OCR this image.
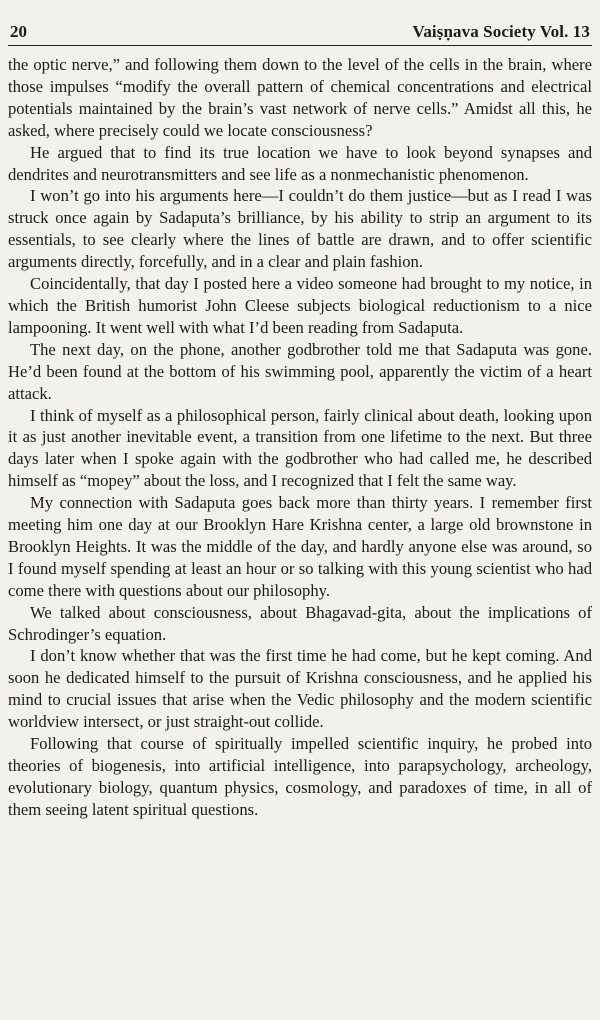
20	Vaiṣṇava Society Vol. 13

the optic nerve,” and following them down to the level of the cells in the brain, where those impulses “modify the overall pattern of chemical concentrations and electrical potentials maintained by the brain’s vast network of nerve cells.” Amidst all this, he asked, where precisely could we locate consciousness?

He argued that to find its true location we have to look beyond synapses and dendrites and neurotransmitters and see life as a nonmechanistic phenomenon.

I won’t go into his arguments here—I couldn’t do them justice—but as I read I was struck once again by Sadaputa’s brilliance, by his ability to strip an argument to its essentials, to see clearly where the lines of battle are drawn, and to offer scientific arguments directly, forcefully, and in a clear and plain fashion.

Coincidentally, that day I posted here a video someone had brought to my notice, in which the British humorist John Cleese subjects biological reductionism to a nice lampooning. It went well with what I’d been reading from Sadaputa.

The next day, on the phone, another godbrother told me that Sadaputa was gone. He’d been found at the bottom of his swimming pool, apparently the victim of a heart attack.

I think of myself as a philosophical person, fairly clinical about death, looking upon it as just another inevitable event, a transition from one lifetime to the next. But three days later when I spoke again with the godbrother who had called me, he described himself as “mopey” about the loss, and I recognized that I felt the same way.

My connection with Sadaputa goes back more than thirty years. I remember first meeting him one day at our Brooklyn Hare Krishna center, a large old brownstone in Brooklyn Heights. It was the middle of the day, and hardly anyone else was around, so I found myself spending at least an hour or so talking with this young scientist who had come there with questions about our philosophy.

We talked about consciousness, about Bhagavad-gita, about the implications of Schrodinger’s equation.

I don’t know whether that was the first time he had come, but he kept coming. And soon he dedicated himself to the pursuit of Krishna consciousness, and he applied his mind to crucial issues that arise when the Vedic philosophy and the modern scientific worldview intersect, or just straight-out collide.

Following that course of spiritually impelled scientific inquiry, he probed into theories of biogenesis, into artificial intelligence, into parapsychology, archeology, evolutionary biology, quantum physics, cosmology, and paradoxes of time, in all of them seeing latent spiritual questions.
